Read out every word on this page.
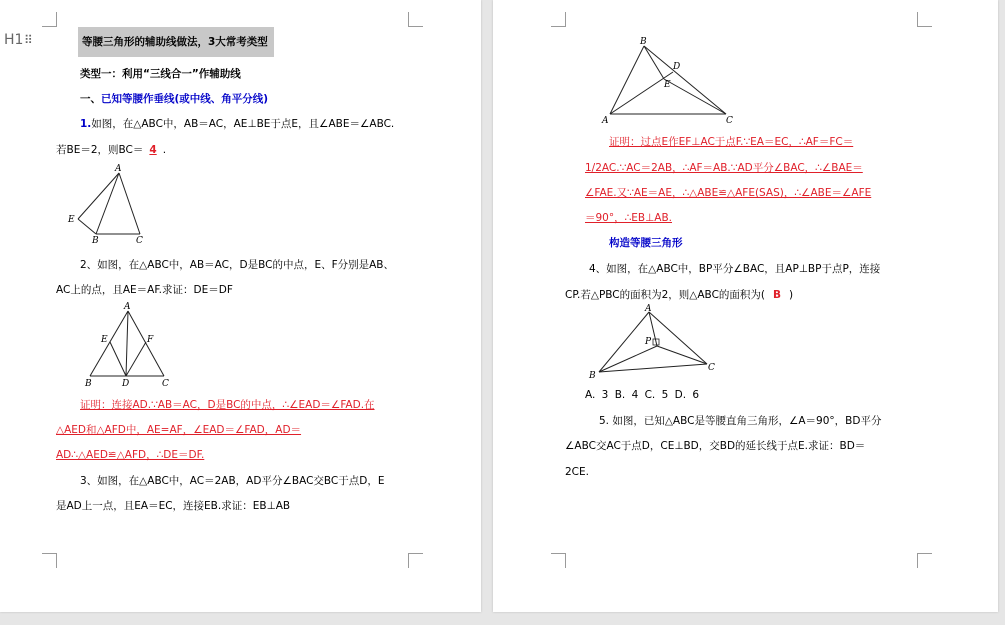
H1 ⠿	等腰三角形的辅助线做法，3大常考类型
类型一：利用“三线合一”作辅助线
一、已知等腰作垂线(或中线、角平分线)
1.如图，在△ABC中，AB＝AC，AE⊥BE于点E，且∠ABE＝∠ABC.
若BE＝2，则BC＝ 4 .
A
E
B	C
2、如图，在△ABC中，AB＝AC，D是BC的中点，E、F分别是AB、
AC上的点，且AE＝AF.求证：DE＝DF
A
E	F
B	D	C
证明：连接AD.∵AB＝AC，D是BC的中点，∴∠EAD＝∠FAD.在
△AED和△AFD中，AE=AF，∠EAD＝∠FAD，AD＝
AD∴△AED≌△AFD，∴DE＝DF.
3、如图，在△ABC中，AC＝2AB，AD平分∠BAC交BC于点D，E
是AD上一点，且EA＝EC，连接EB.求证：EB⊥AB
B
D
E
A	C
证明：过点E作EF⊥AC于点F.∵EA＝EC，∴AF＝FC＝
1/2AC.∵AC＝2AB，∴AF＝AB.∵AD平分∠BAC，∴∠BAE＝
∠FAE.又∵AE＝AE，∴△ABE≌△AFE(SAS)，∴∠ABE＝∠AFE
＝90°，∴EB⊥AB.
构造等腰三角形
4、如图，在△ABC中，BP平分∠BAC，且AP⊥BP于点P，连接
CP.若△PBC的面积为2，则△ABC的面积为( B )
A
P
B
C
A. 3 B. 4 C. 5 D. 6
5. 如图，已知△ABC是等腰直角三角形，∠A＝90°，BD平分
∠ABC交AC于点D，CE⊥BD，交BD的延长线于点E.求证：BD＝
2CE.
